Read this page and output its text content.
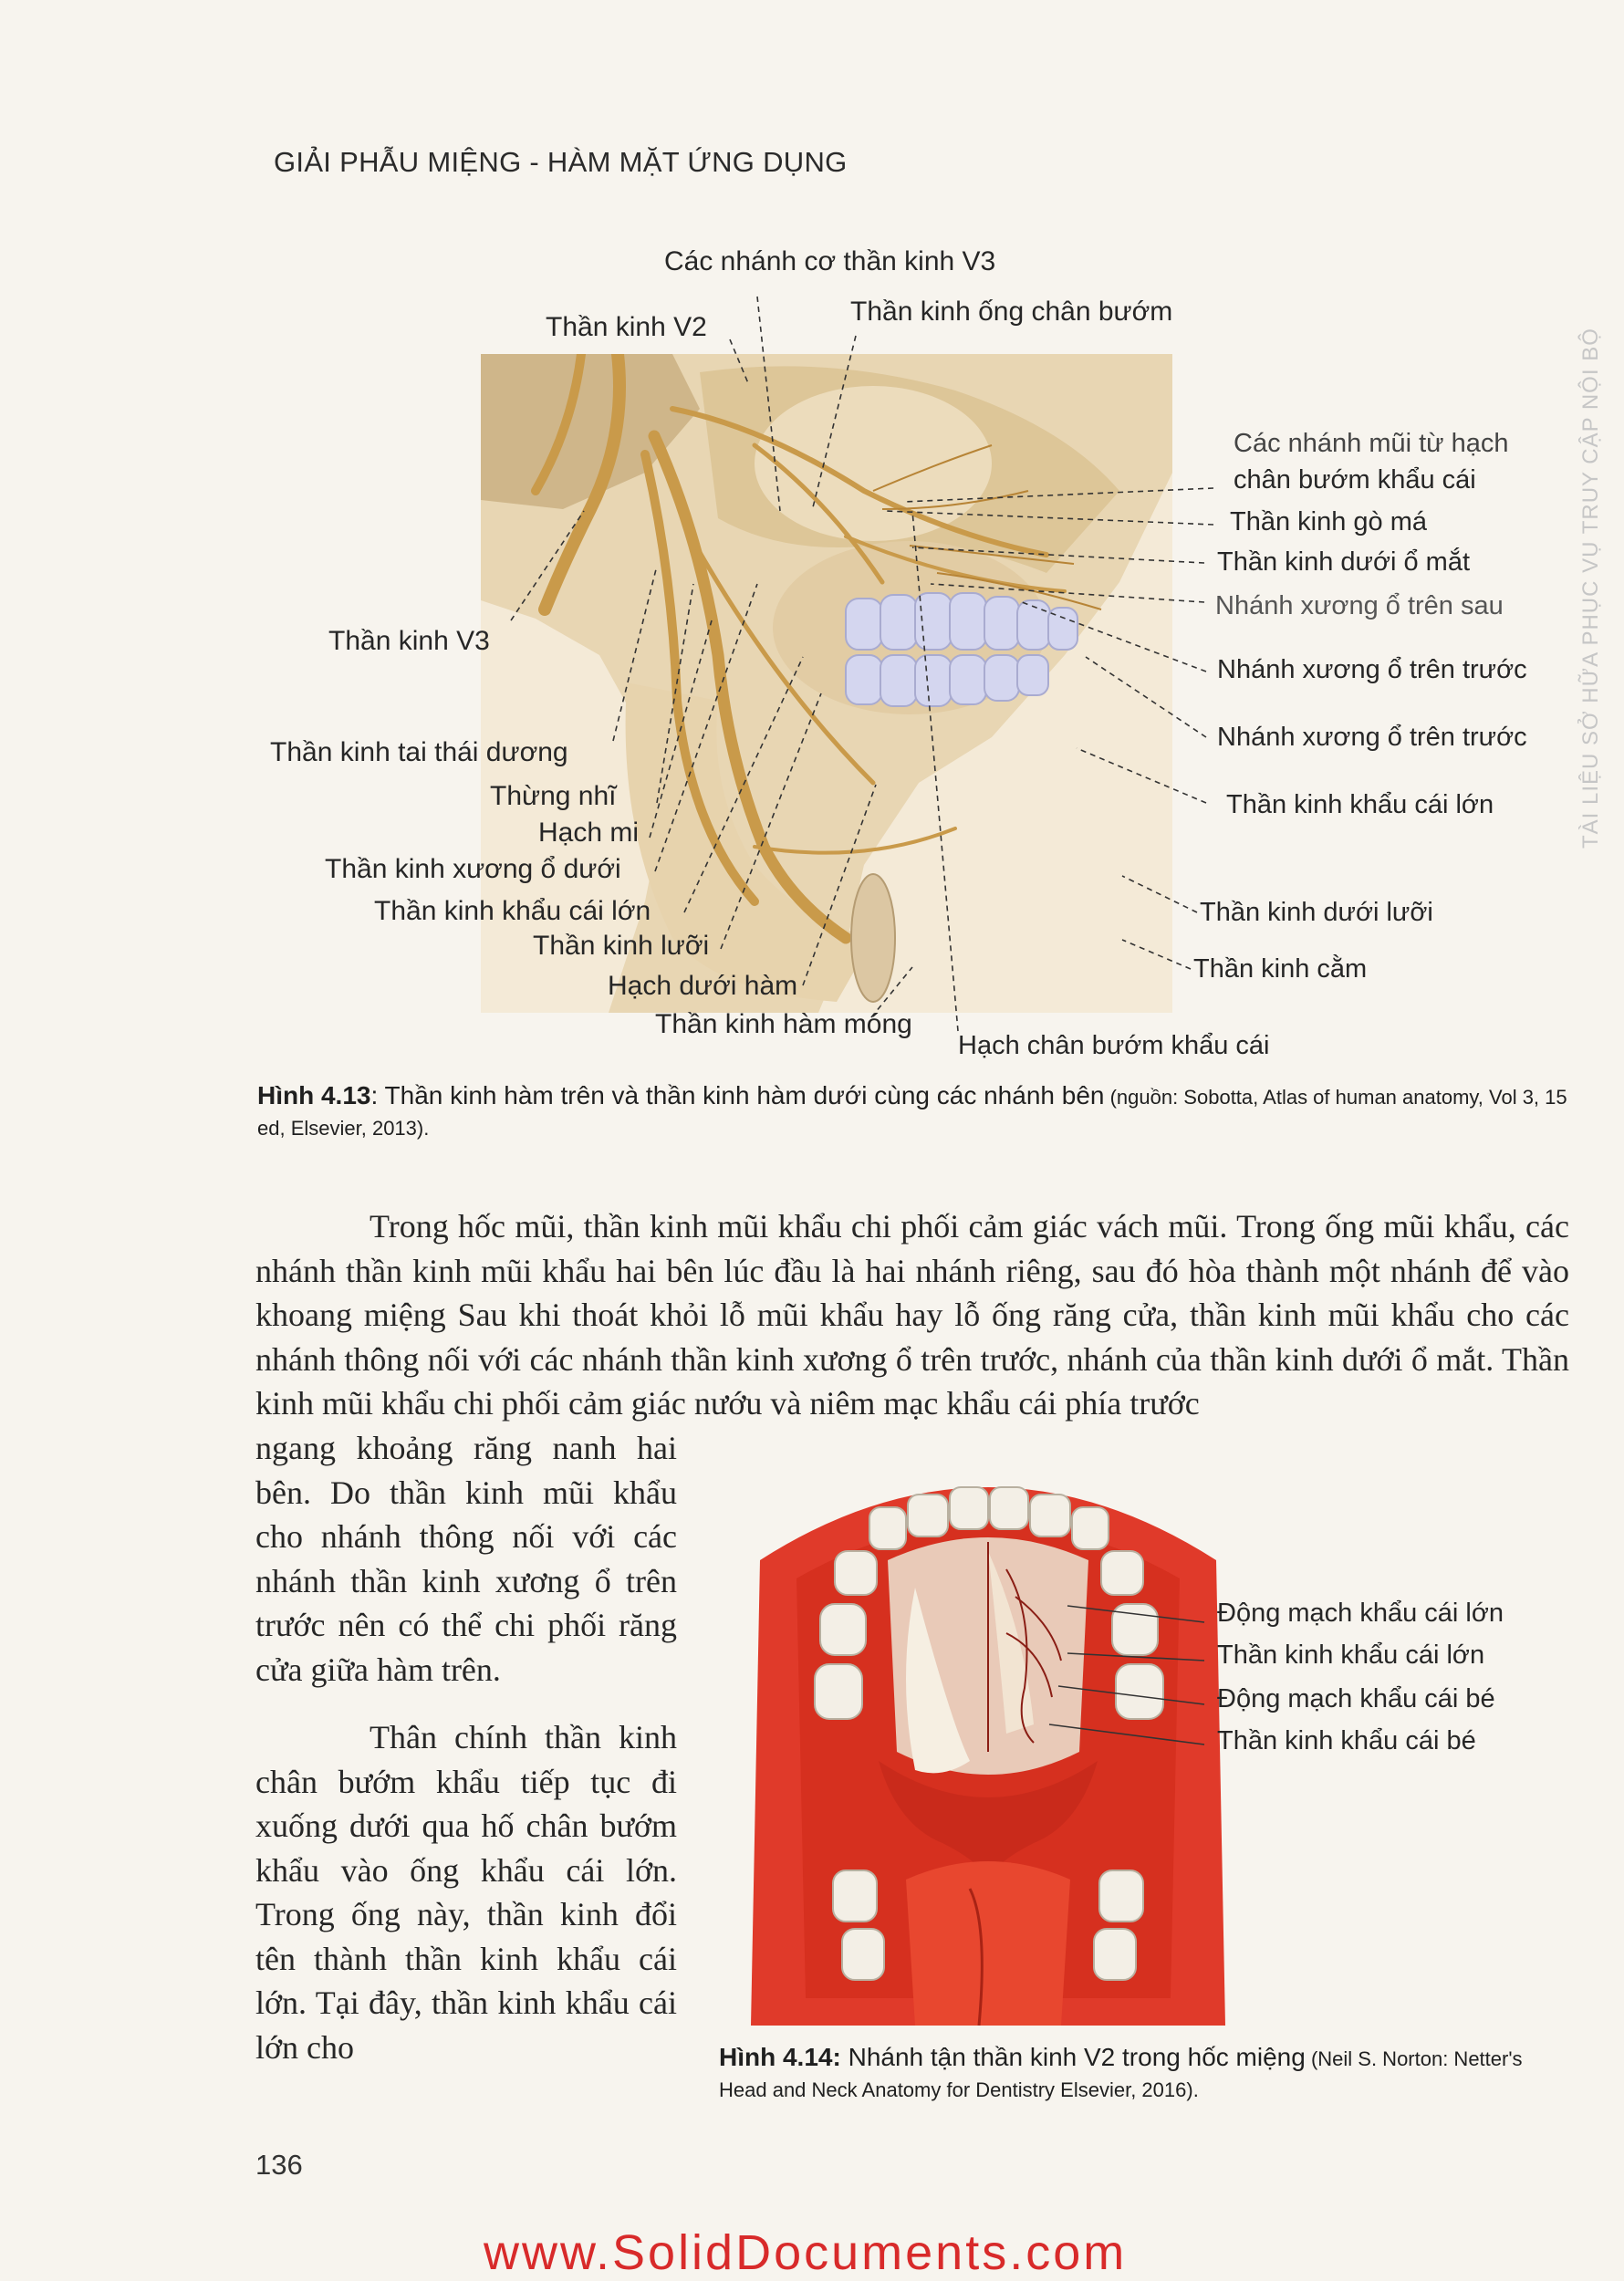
GIẢI PHẪU MIỆNG - HÀM MẶT ỨNG DỤNG
Các nhánh cơ thần kinh V3
Thần kinh V2
Thần kinh ống chân bướm
Các nhánh mũi từ hạch
chân bướm khẩu cái
Thần kinh gò má
Thần kinh dưới ổ mắt
Nhánh xương ổ trên sau
Nhánh xương ổ trên trước
Nhánh xương ổ trên trước
Thần kinh V3
Thần kinh khẩu cái lớn
Thần kinh tai thái dương
Thừng nhĩ
Hạch mi
Thần kinh xương ổ dưới
Thần kinh khẩu cái lớn
Thần kinh lưỡi
Thần kinh dưới lưỡi
Thần kinh cằm
Hạch dưới hàm
Thần kinh hàm móng
Hạch chân bướm khẩu cái
Hình 4.13: Thần kinh hàm trên và thần kinh hàm dưới cùng các nhánh bên (nguồn: Sobotta, Atlas of human anatomy, Vol 3, 15 ed, Elsevier, 2013).

Trong hốc mũi, thần kinh mũi khẩu chi phối cảm giác vách mũi. Trong ống mũi khẩu, các nhánh thần kinh mũi khẩu hai bên lúc đầu là hai nhánh riêng, sau đó hòa thành một nhánh để vào khoang miệng Sau khi thoát khỏi lỗ mũi khẩu hay lỗ ống răng cửa, thần kinh mũi khẩu cho các nhánh thông nối với các nhánh thần kinh xương ổ trên trước, nhánh của thần kinh dưới ổ mắt. Thần kinh mũi khẩu chi phối cảm giác nướu và niêm mạc khẩu cái phía trước

ngang khoảng răng nanh hai bên. Do thần kinh mũi khẩu cho nhánh thông nối với các nhánh thần kinh xương ổ trên trước nên có thể chi phối răng cửa giữa hàm trên.

Thân chính thần kinh chân bướm khẩu tiếp tục đi xuống dưới qua hố chân bướm khẩu vào ống khẩu cái lớn. Trong ống này, thần kinh đổi tên thành thần kinh khẩu cái lớn. Tại đây, thần kinh khẩu cái lớn cho

Động mạch khẩu cái lớn
Thần kinh khẩu cái lớn
Động mạch khẩu cái bé
Thần kinh khẩu cái bé
Hình 4.14: Nhánh tận thần kinh V2 trong hốc miệng (Neil S. Norton: Netter's Head and Neck Anatomy for Dentistry Elsevier, 2016).
136
www.SolidDocuments.com
TÀI LIỆU SỞ HỮA PHỤC VỤ TRUY CẬP NỘI BỘ
